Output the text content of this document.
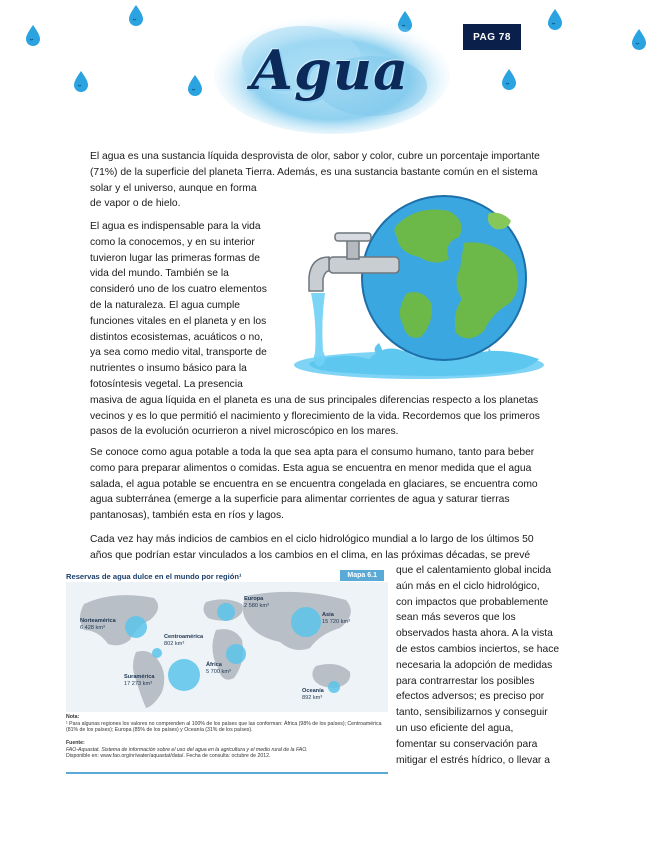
Agua
PAG 78
El agua es una sustancia líquida desprovista de olor, sabor y color, cubre un porcentaje importante
(71%) de la superficie del planeta Tierra. Además, es una sustancia bastante común en el sistema
solar y el universo, aunque en forma
de vapor o de hielo.
El agua es indispensable para la vida
como la conocemos, y en su interior
tuvieron lugar las primeras formas de
vida del mundo. También se la
consideró uno de los cuatro elementos
de la naturaleza. El agua cumple
funciones vitales en el planeta y en los
distintos ecosistemas, acuáticos o no,
ya sea como medio vital, transporte de
nutrientes o insumo básico para la
fotosíntesis vegetal. La presencia
masiva de agua líquida en el planeta es una de sus principales diferencias respecto a los planetas
vecinos y es lo que permitió el nacimiento y florecimiento de la vida. Recordemos que los primeros
pasos de la evolución ocurrieron a nivel microscópico en los mares.
Se conoce como agua potable a toda la que sea apta para el consumo humano, tanto para beber
como para preparar alimentos o comidas. Esta agua se encuentra en menor medida que el agua
salada, el agua potable se encuentra en se encuentra congelada en glaciares, se encuentra como
agua subterránea (emerge a la superficie para alimentar corrientes de agua y saturar tierras
pantanosas), también esta en ríos y lagos.
Cada vez hay más indicios de cambios en el ciclo hidrológico mundial a lo largo de los últimos 50
años que podrían estar vinculados a los cambios en el clima, en las próximas décadas, se prevé
que el calentamiento global incida
aún más en el ciclo hidrológico,
con impactos que probablemente
sean más severos que los
observados hasta ahora. A la vista
de estos cambios inciertos, se hace
necesaria la adopción de medidas
para contrarrestar los posibles
efectos adversos; es preciso por
tanto, sensibilizarnos y conseguir
un uso eficiente del agua,
fomentar su conservación para
mitigar el estrés hídrico, o llevar a
Reservas de agua dulce en el mundo por región¹	Mapa 6.1
Norteamérica
6 428 km³
Europa
2 580 km³
Asia
15 720 km³
Centroamérica
802 km³
África
5 700 km³
Suramérica
17 273 km³
Oceanía
892 km³
Nota:
¹ Para algunas regiones los valores no comprenden al 100% de los países que las conforman: África (98% de los países); Centroamérica (81% de los países); Europa (85% de los países) y Oceanía (31% de los países).
Fuente:
FAO-Aquastat. Sistema de información sobre el uso del agua en la agricultura y el medio rural de la FAO.
Disponible en: www.fao.org/nr/water/aquastat/data/. Fecha de consulta: octubre de 2012.
